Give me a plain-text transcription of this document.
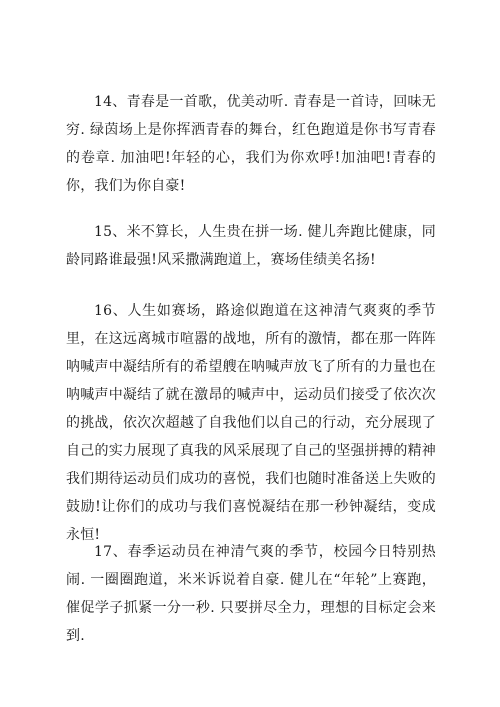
14、青春是一首歌，优美动听. 青春是一首诗，回味无穷. 绿茵场上是你挥洒青春的舞台，红色跑道是你书写青春的卷章. 加油吧!年轻的心，我们为你欢呼!加油吧!青春的你，我们为你自豪!

15、米不算长，人生贵在拼一场. 健儿奔跑比健康，同龄同路谁最强!风采撒满跑道上，赛场佳绩美名扬!

16、人生如赛场，路途似跑道在这神清气爽爽的季节里，在这远离城市喧嚣的战地，所有的激情，都在那一阵阵呐喊声中凝结所有的希望艘在呐喊声放飞了所有的力量也在呐喊声中凝结了就在激昂的喊声中，运动员们接受了依次次的挑战，依次次超越了自我他们以自己的行动，充分展现了自己的实力展现了真我的风采展现了自己的坚强拼搏的精神我们期待运动员们成功的喜悦，我们也随时准备送上失败的鼓励!让你们的成功与我们喜悦凝结在那一秒钟凝结，变成永恒!

17、春季运动员在神清气爽的季节，校园今日特别热闹. 一圈圈跑道，米米诉说着自豪. 健儿在“年轮”上赛跑，催促学子抓紧一分一秒. 只要拼尽全力，理想的目标定会来到.
